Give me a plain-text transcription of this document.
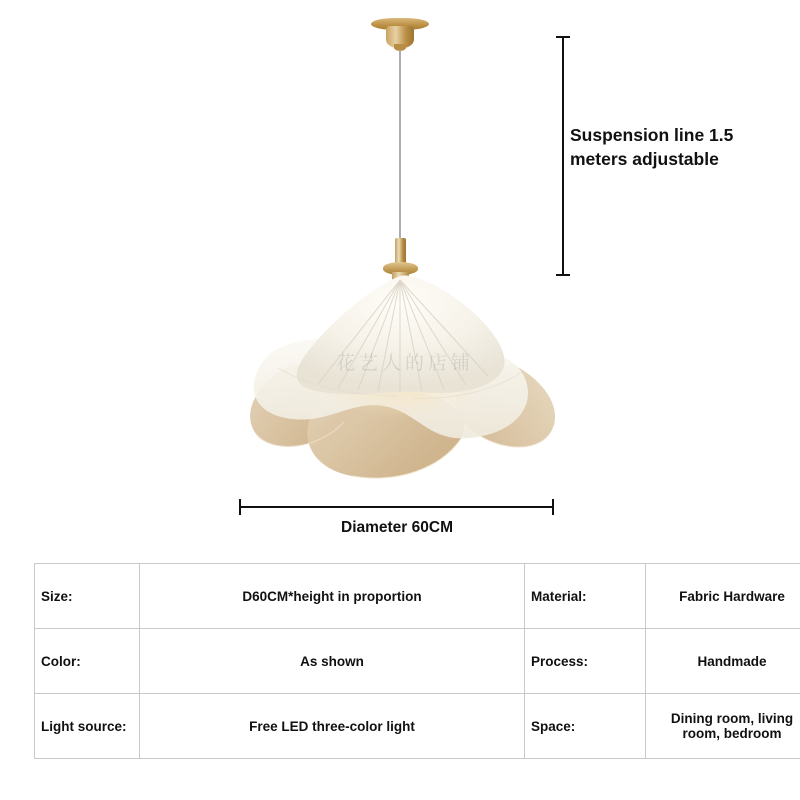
花艺人的店铺
Suspension line 1.5 meters adjustable
Diameter 60CM
Size:	D60CM*height in proportion	Material:	Fabric Hardware
Color:	As shown	Process:	Handmade
Light source:	Free LED three-color light	Space:	Dining room, living room, bedroom
